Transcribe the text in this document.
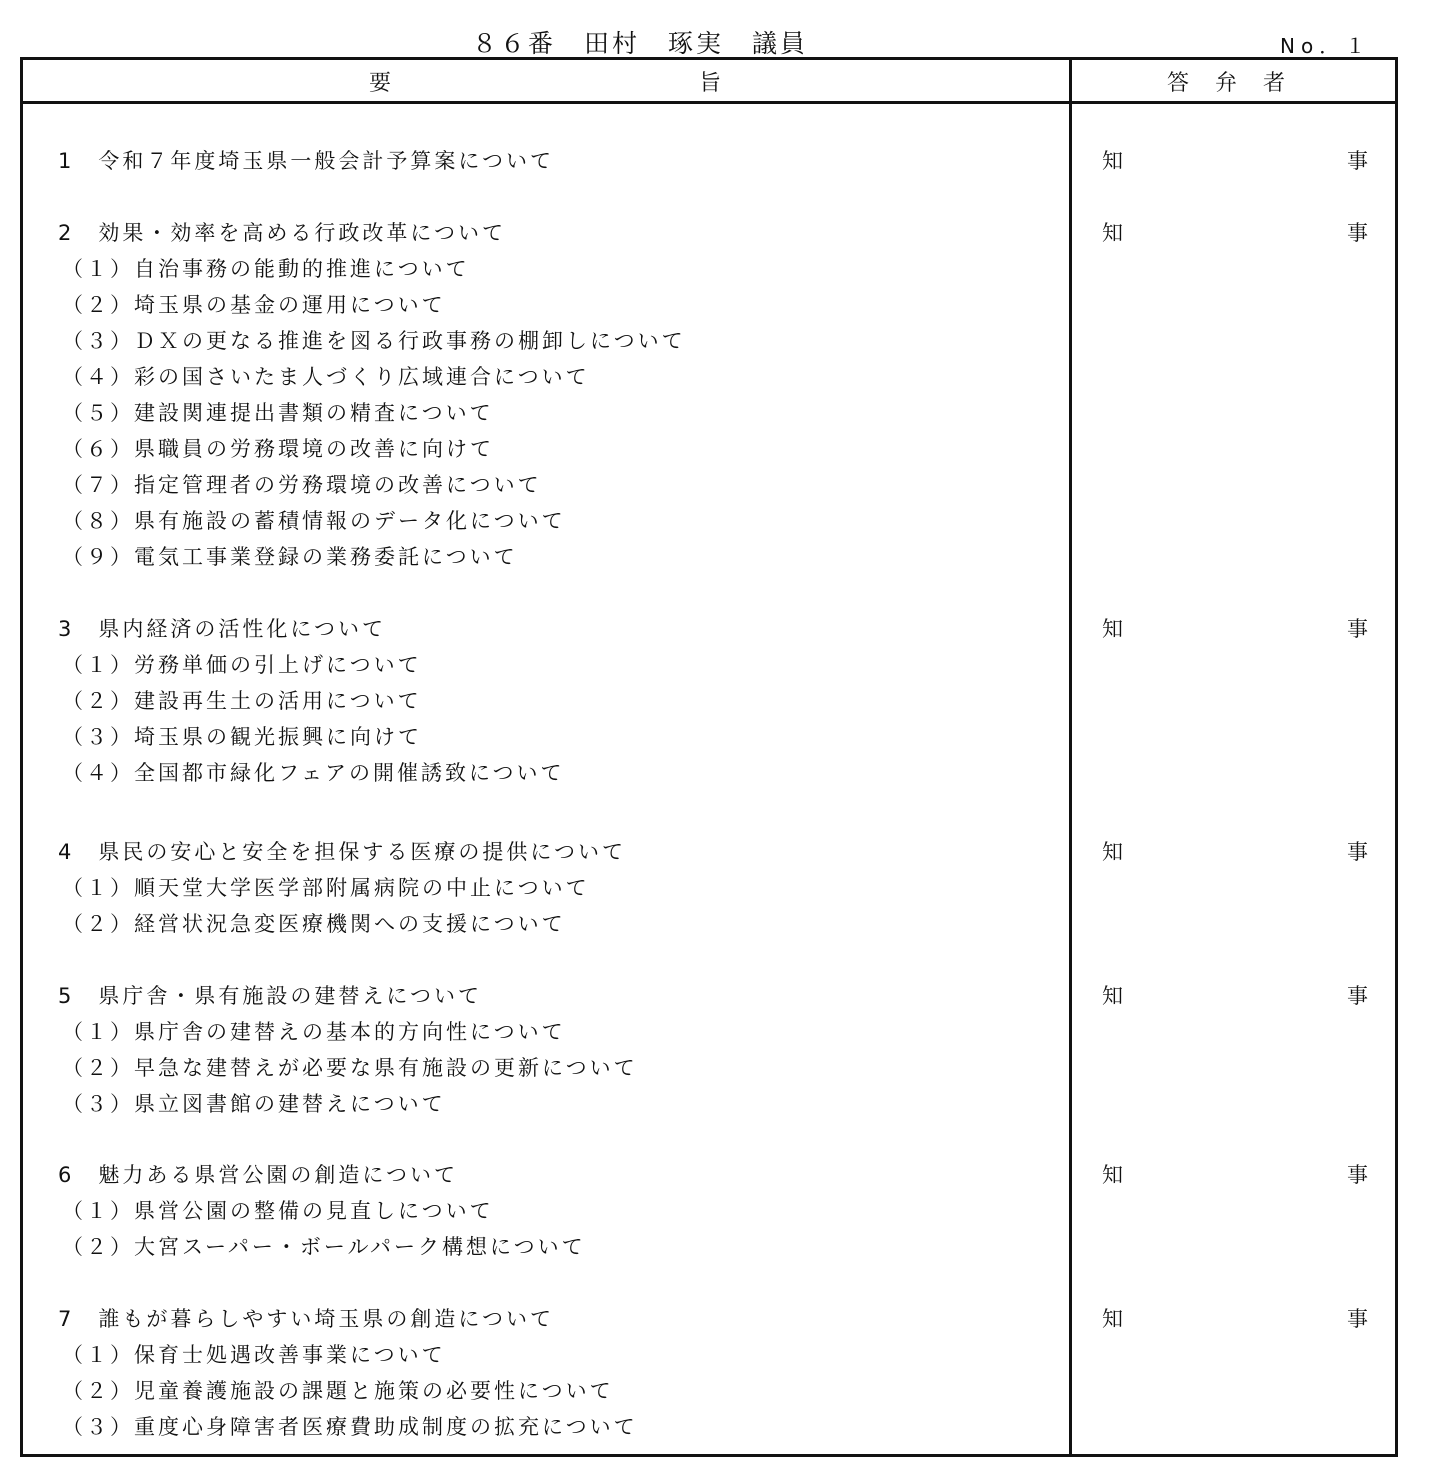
８６番　田村　琢実　議員	No．１
要	旨	答　弁　者
1　令和７年度埼玉県一般会計予算案について	知	事
2　効果・効率を高める行政改革について	知	事
（１）自治事務の能動的推進について
（２）埼玉県の基金の運用について
（３）ＤＸの更なる推進を図る行政事務の棚卸しについて
（４）彩の国さいたま人づくり広域連合について
（５）建設関連提出書類の精査について
（６）県職員の労務環境の改善に向けて
（７）指定管理者の労務環境の改善について
（８）県有施設の蓄積情報のデータ化について
（９）電気工事業登録の業務委託について
3　県内経済の活性化について	知	事
（１）労務単価の引上げについて
（２）建設再生土の活用について
（３）埼玉県の観光振興に向けて
（４）全国都市緑化フェアの開催誘致について
4　県民の安心と安全を担保する医療の提供について	知	事
（１）順天堂大学医学部附属病院の中止について
（２）経営状況急変医療機関への支援について
5　県庁舎・県有施設の建替えについて	知	事
（１）県庁舎の建替えの基本的方向性について
（２）早急な建替えが必要な県有施設の更新について
（３）県立図書館の建替えについて
6　魅力ある県営公園の創造について	知	事
（１）県営公園の整備の見直しについて
（２）大宮スーパー・ボールパーク構想について
7　誰もが暮らしやすい埼玉県の創造について	知	事
（１）保育士処遇改善事業について
（２）児童養護施設の課題と施策の必要性について
（３）重度心身障害者医療費助成制度の拡充について
